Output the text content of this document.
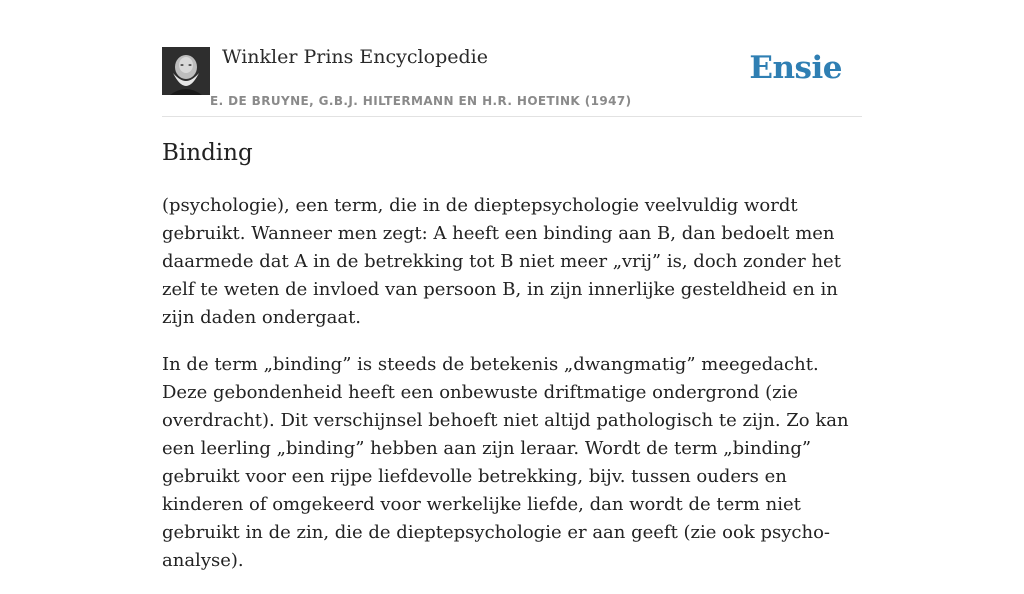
Winkler Prins Encyclopedie
E. DE BRUYNE, G.B.J. HILTERMANN EN H.R. HOETINK (1947)
Ensie
Binding

(psychologie), een term, die in de dieptepsychologie veelvuldig wordt gebruikt. Wanneer men zegt: A heeft een binding aan B, dan bedoelt men daarmede dat A in de betrekking tot B niet meer „vrij” is, doch zonder het zelf te weten de invloed van persoon B, in zijn innerlijke gesteldheid en in zijn daden ondergaat.

In de term „binding” is steeds de betekenis „dwangmatig” meegedacht. Deze gebondenheid heeft een onbewuste driftmatige ondergrond (zie overdracht). Dit verschijnsel behoeft niet altijd pathologisch te zijn. Zo kan een leerling „binding” hebben aan zijn leraar. Wordt de term „binding” gebruikt voor een rijpe liefdevolle betrekking, bijv. tussen ouders en kinderen of omgekeerd voor werkelijke liefde, dan wordt de term niet gebruikt in de zin, die de dieptepsychologie er aan geeft (zie ook psycho-analyse).
